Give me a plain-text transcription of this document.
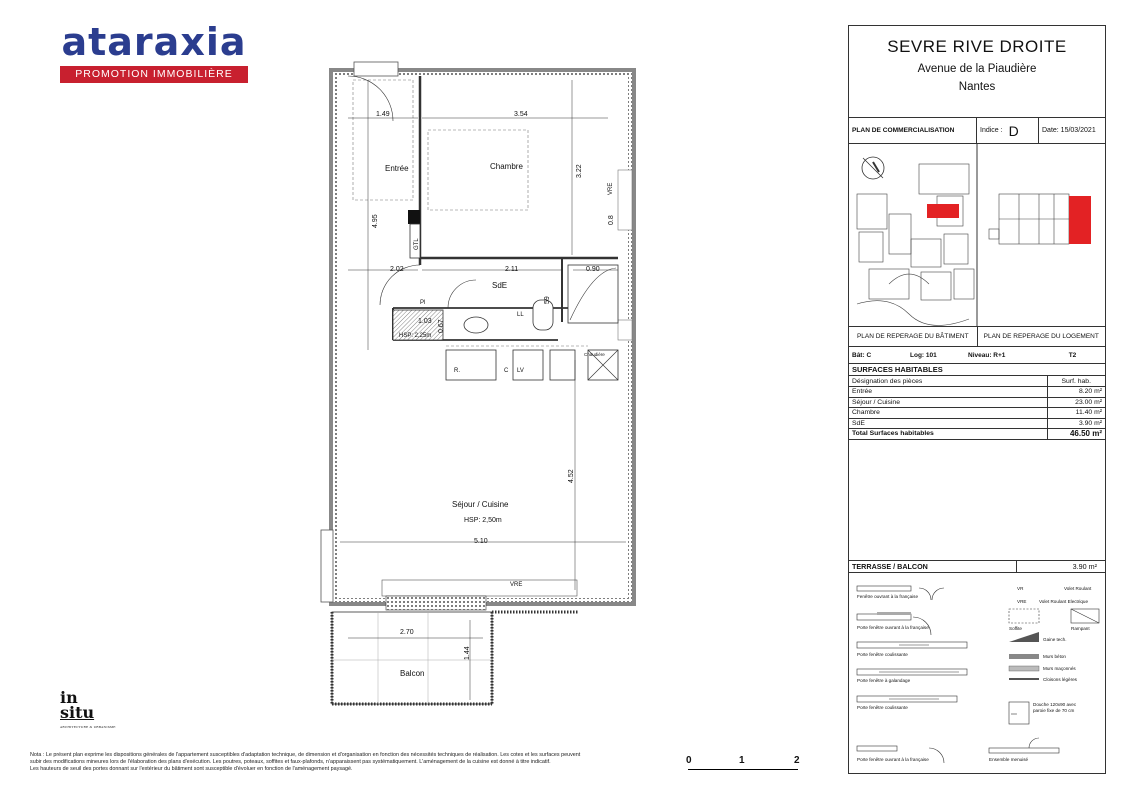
ataraxia
PROMOTION IMMOBILIÈRE
Entrée	Chambre
SdE
Séjour / Cuisine
HSP: 2,50m
Balcon
1.49	3.54
3.22
4.95
2.02	2.11	0.90
59
1.03 0.67
4.52
5.10
2.70
1.44
0.8
GTL
VRE
VRE
Pl
HSP: 2,25m
LL
R.	C LV
Chaudière
in
situ
ARCHITECTURE & URBANISME
Nota : Le présent plan exprime les dispositions générales de l'appartement susceptibles d'adaptation technique, de dimension et d'organisation en fonction des nécessités techniques de réalisation. Les cotes et les surfaces peuvent
subir des modifications mineures lors de l'élaboration des plans d'exécution. Les poutres, poteaux, soffites et faux-plafonds, n'apparaissent pas systématiquement. L'aménagement de la cuisine est donné à titre indicatif.
Les hauteurs de seuil des portes donnant sur l'extérieur du bâtiment sont susceptible d'évoluer en fonction de l'aménagement paysagé.
0	1	2
SEVRE RIVE DROITE
Avenue de la Piaudière
Nantes
PLAN DE COMMERCIALISATION	Indice : D	Date: 15/03/2021
PLAN DE REPERAGE DU BÂTIMENT	PLAN DE REPERAGE DU LOGEMENT
Bât: C	Log: 101	Niveau: R+1	T2
SURFACES HABITABLES
Désignation des pièces	Surf. hab.
Entrée	8.20 m²
Séjour / Cuisine	23.00 m²
Chambre	11.40 m²
SdE	3.90 m²
Total Surfaces habitables	46.50 m²
TERRASSE / BALCON	3.90 m²
VR	Volet Roulant
VRE	Volet Roulant Electrique
Fenêtre ouvrant à la française
Porte fenêtre ouvrant à la française	Soffite	Rampant
Gaine tech.
Porte fenêtre coulissante	Murs béton
Murs maçonnés
Cloisons légères
Porte fenêtre à galandage
Douche 120x90 avec
paroie fixe de 70 cm
Porte fenêtre coulissante
Porte fenêtre ouvrant à la française	Ensemble menuisé
